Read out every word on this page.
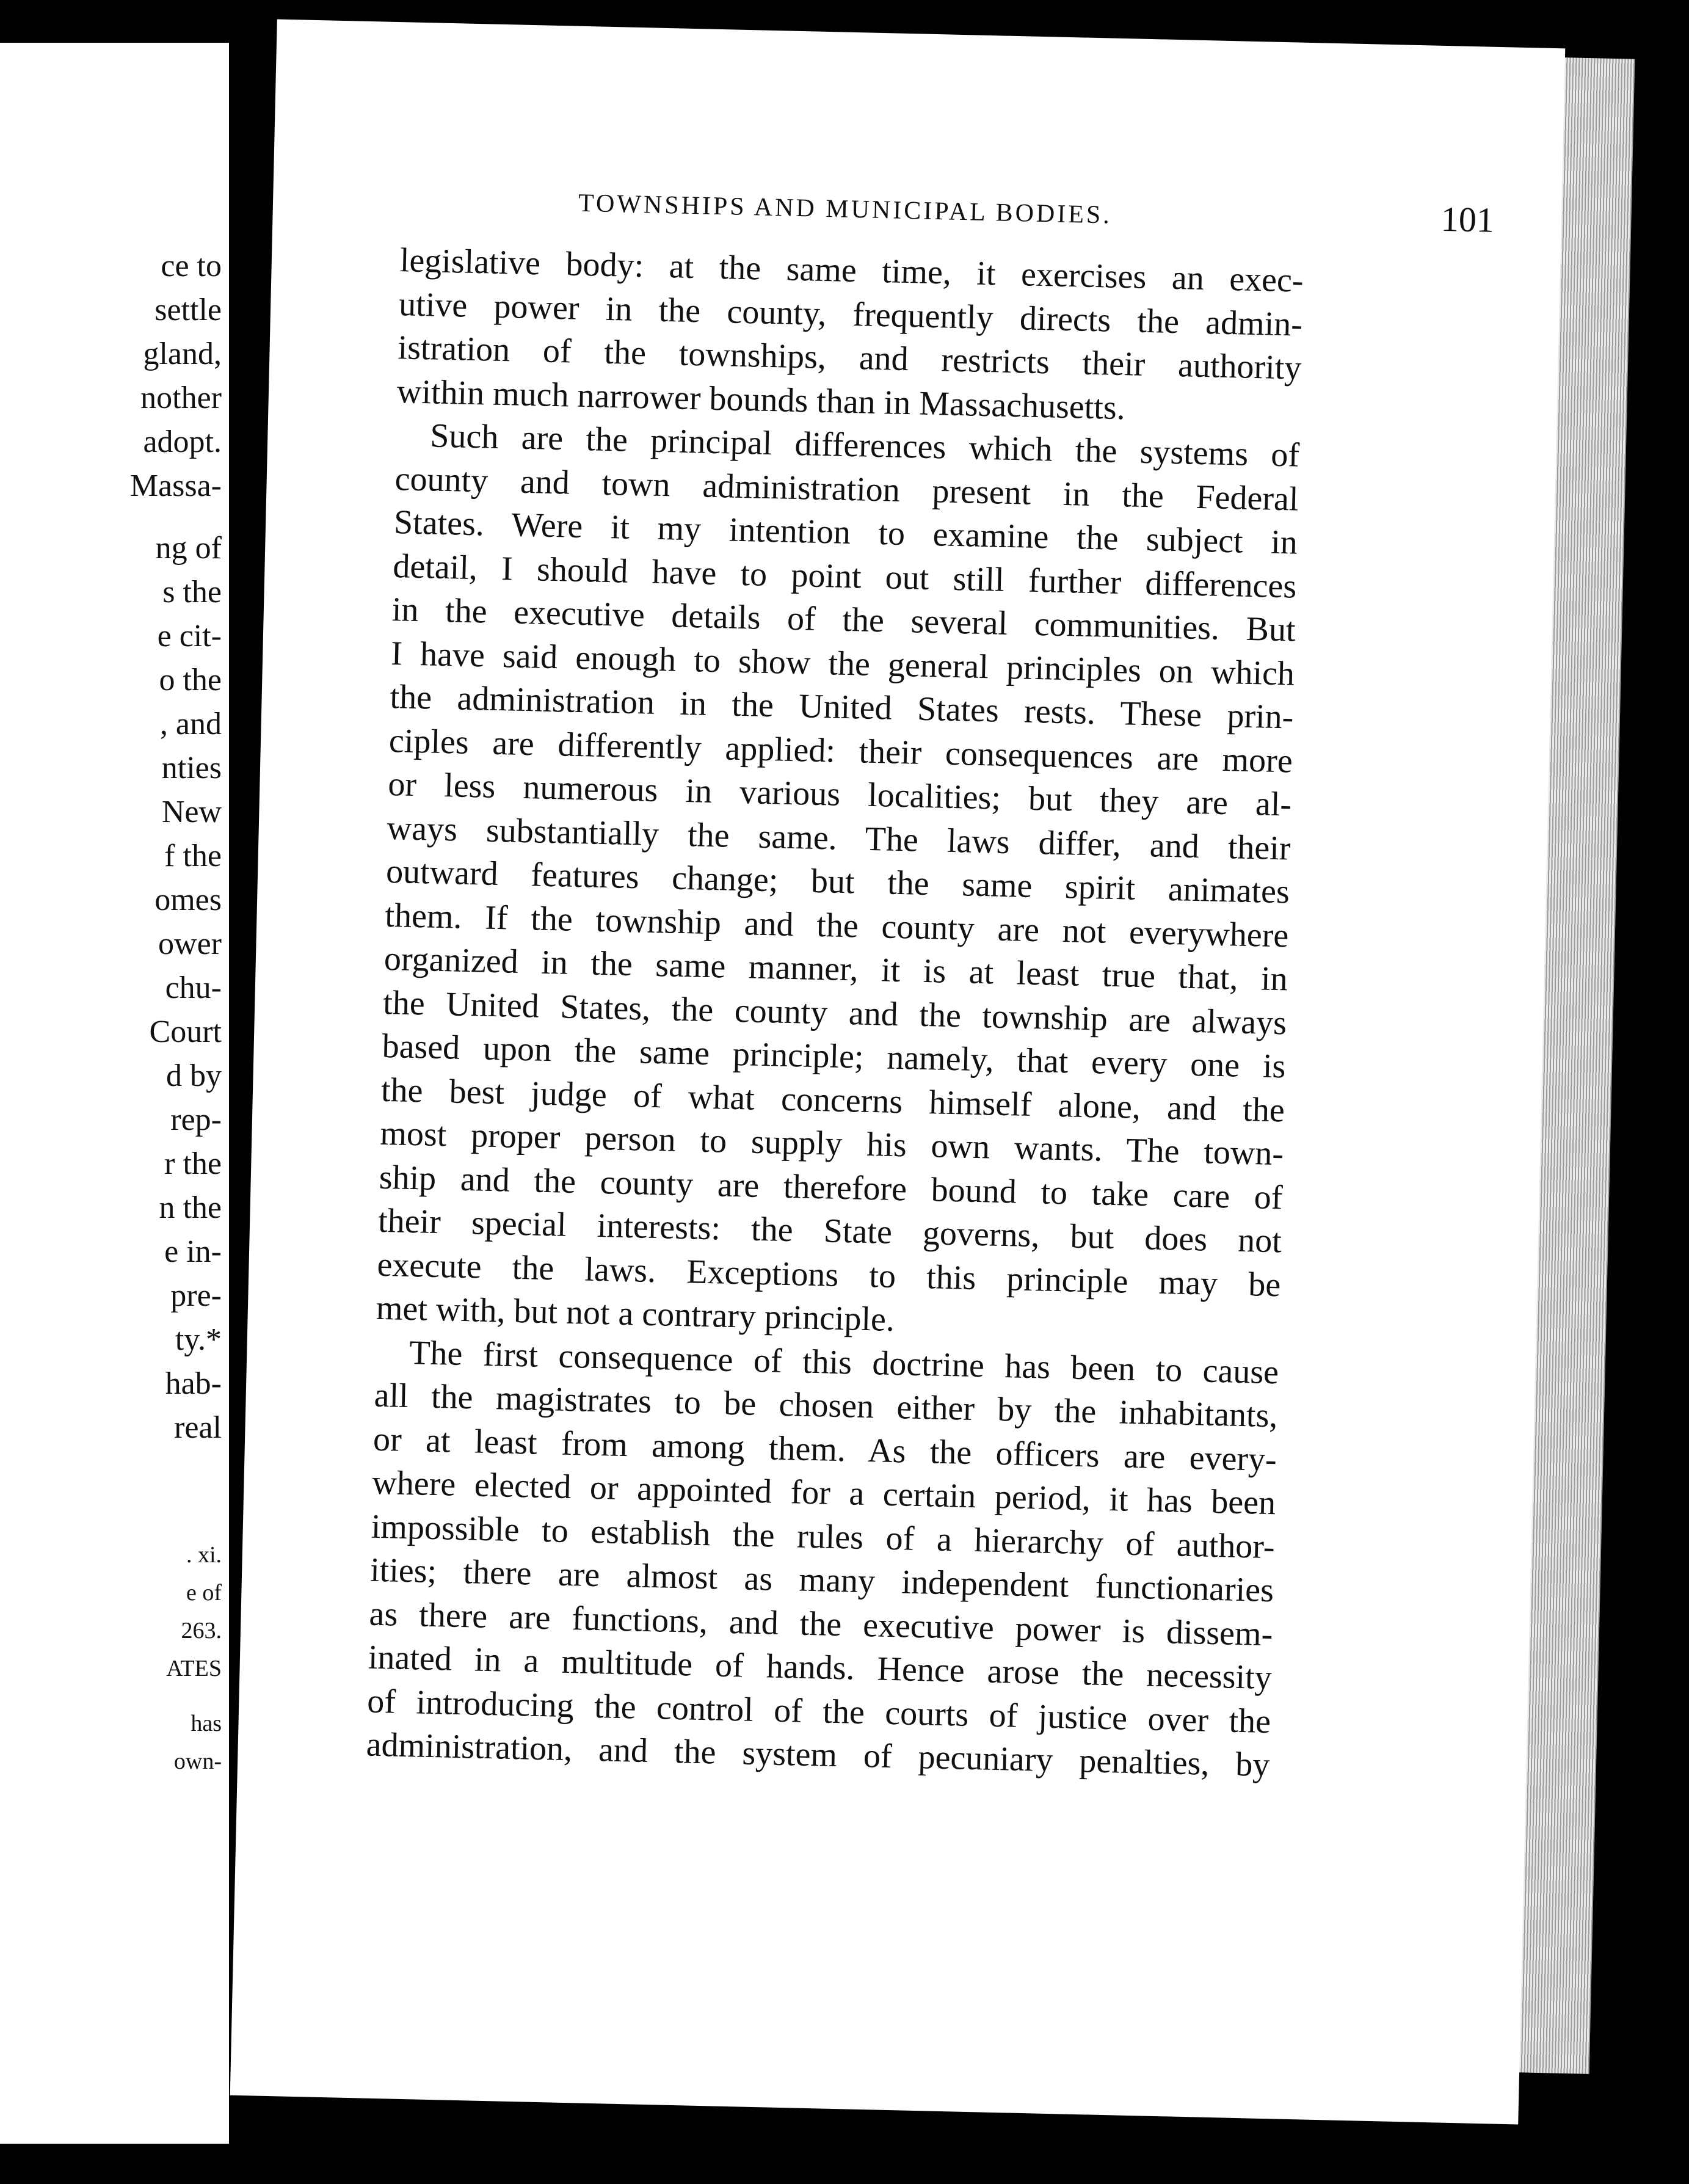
ce to
settle
gland,
nother
adopt.
Massa-
ng of
s the
e cit-
o the
, and
nties
New
f the
omes
ower
chu-
Court
d by
rep-
r the
n the
e in-
pre-
ty.*
hab-
real
. xi.
e of
263.
ATES
has
own-
TOWNSHIPS AND MUNICIPAL BODIES.	101
legislative body: at the same time, it exercises an exec-
utive power in the county, frequently directs the admin-
istration of the townships, and restricts their authority
within much narrower bounds than in Massachusetts.
Such are the principal differences which the systems of
county and town administration present in the Federal
States. Were it my intention to examine the subject in
detail, I should have to point out still further differences
in the executive details of the several communities. But
I have said enough to show the general principles on which
the administration in the United States rests. These prin-
ciples are differently applied: their consequences are more
or less numerous in various localities; but they are al-
ways substantially the same. The laws differ, and their
outward features change; but the same spirit animates
them. If the township and the county are not everywhere
organized in the same manner, it is at least true that, in
the United States, the county and the township are always
based upon the same principle; namely, that every one is
the best judge of what concerns himself alone, and the
most proper person to supply his own wants. The town-
ship and the county are therefore bound to take care of
their special interests: the State governs, but does not
execute the laws. Exceptions to this principle may be
met with, but not a contrary principle.
The first consequence of this doctrine has been to cause
all the magistrates to be chosen either by the inhabitants,
or at least from among them. As the officers are every-
where elected or appointed for a certain period, it has been
impossible to establish the rules of a hierarchy of author-
ities; there are almost as many independent functionaries
as there are functions, and the executive power is dissem-
inated in a multitude of hands. Hence arose the necessity
of introducing the control of the courts of justice over the
administration, and the system of pecuniary penalties, by
